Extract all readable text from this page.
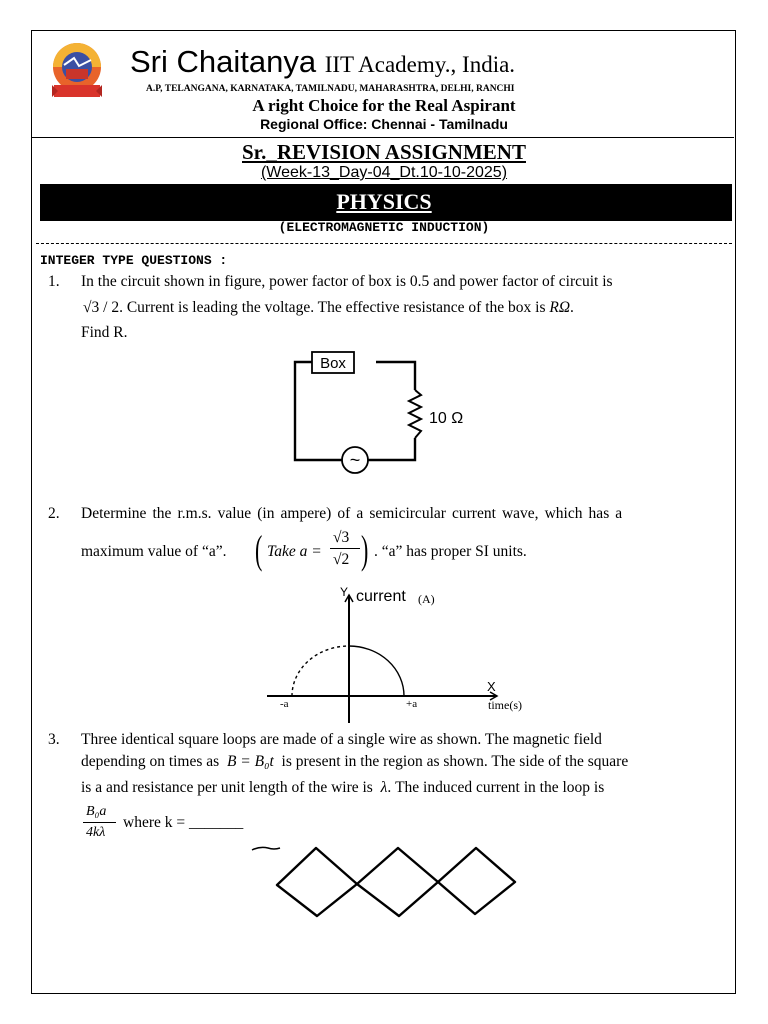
Sri Chaitanya IIT Academy., India.
A.P, TELANGANA, KARNATAKA, TAMILNADU, MAHARASHTRA, DELHI, RANCHI
A right Choice for the Real Aspirant
Regional Office: Chennai - Tamilnadu
Sr._REVISION ASSIGNMENT
(Week-13_Day-04_Dt.10-10-2025)
PHYSICS
(ELECTROMAGNETIC INDUCTION)
INTEGER TYPE QUESTIONS :
1. In the circuit shown in figure, power factor of box is 0.5 and power factor of circuit is
√3 / 2. Current is leading the voltage. The effective resistance of the box is RΩ.
Find R.
Box
~
10 Ω
2. Determine the r.m.s. value (in ampere) of a semicircular current wave, which has a
maximum value of “a”. ( Take a =
√3
√2 ) . “a” has proper SI units.
Y current (A)
X
time(s)
-a	+a
3. Three identical square loops are made of a single wire as shown. The magnetic field
depending on times as B = B₀t is present in the region as shown. The side of the square
is a and resistance per unit length of the wire is λ. The induced current in the loop is
B₀a
4kλ
where k = _______
